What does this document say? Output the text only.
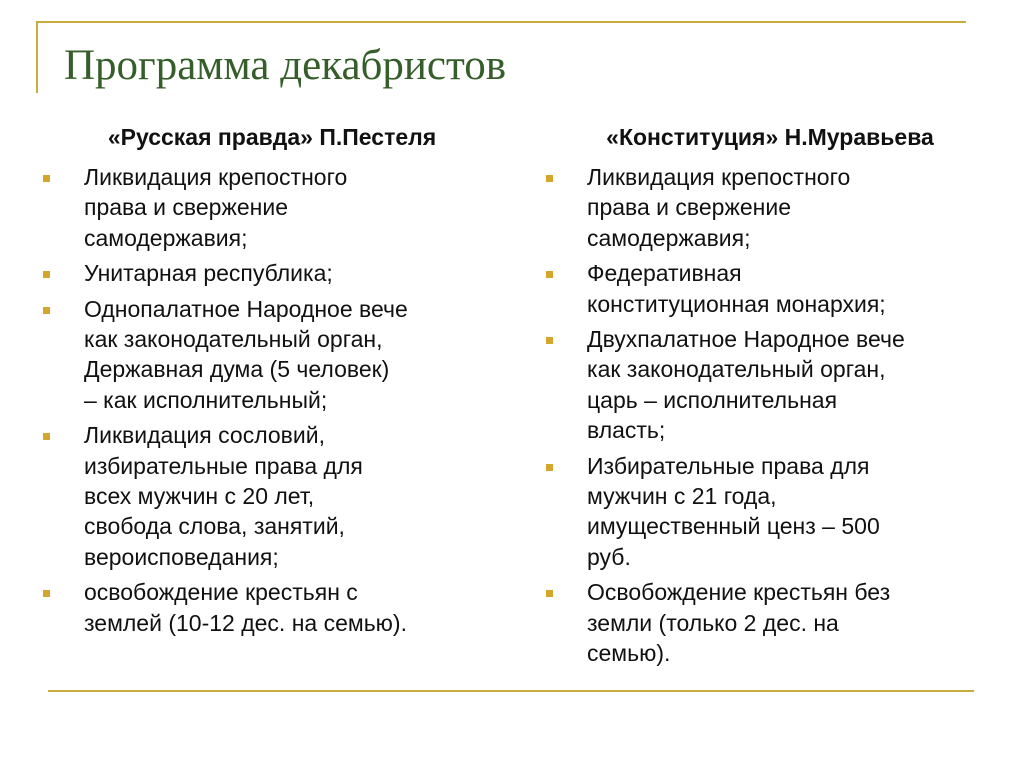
Программа декабристов
«Русская правда» П.Пестеля
Ликвидация крепостного
права и свержение
самодержавия;
Унитарная республика;
Однопалатное Народное вече
как законодательный орган,
Державная дума (5 человек)
– как исполнительный;
Ликвидация сословий,
избирательные права для
всех мужчин с 20 лет,
свобода слова, занятий,
вероисповедания;
освобождение крестьян с
землей (10-12 дес. на семью).
«Конституция» Н.Муравьева
Ликвидация крепостного
права и свержение
самодержавия;
Федеративная
конституционная монархия;
Двухпалатное Народное вече
как законодательный орган,
царь – исполнительная
власть;
Избирательные права для
мужчин с 21 года,
имущественный ценз – 500
руб.
Освобождение крестьян без
земли (только 2 дес. на
семью).
